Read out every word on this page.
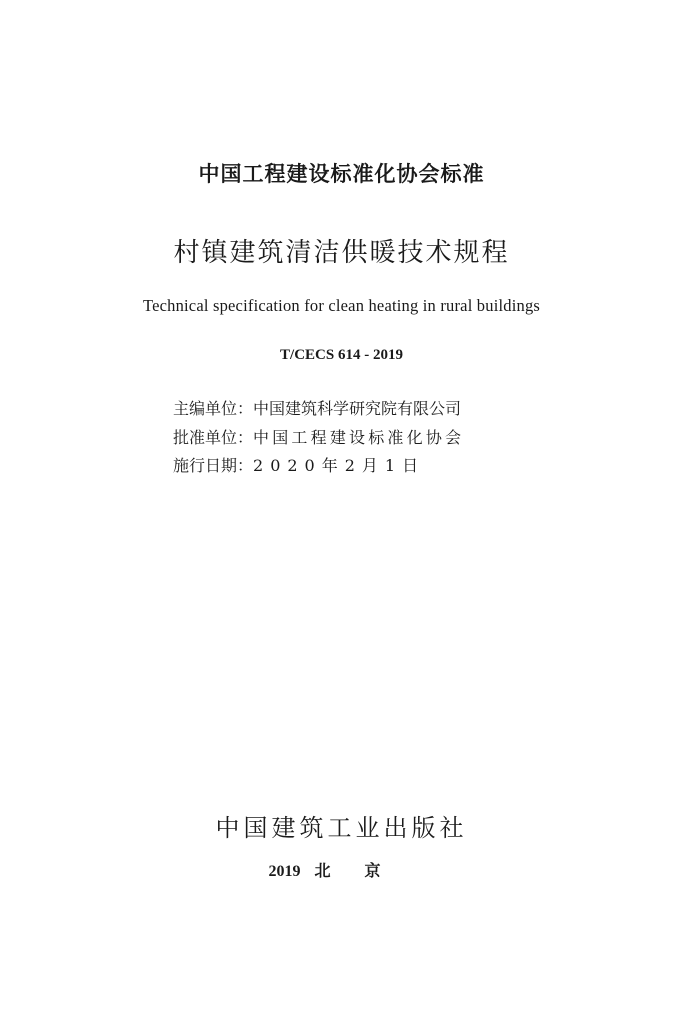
中国工程建设标准化协会标准
村镇建筑清洁供暖技术规程
Technical specification for clean heating in rural buildings
T/CECS 614 - 2019
主编单位：中国建筑科学研究院有限公司
批准单位：中国工程建设标准化协会
施行日期：2020年2月1日
中国建筑工业出版社
2019 北京
